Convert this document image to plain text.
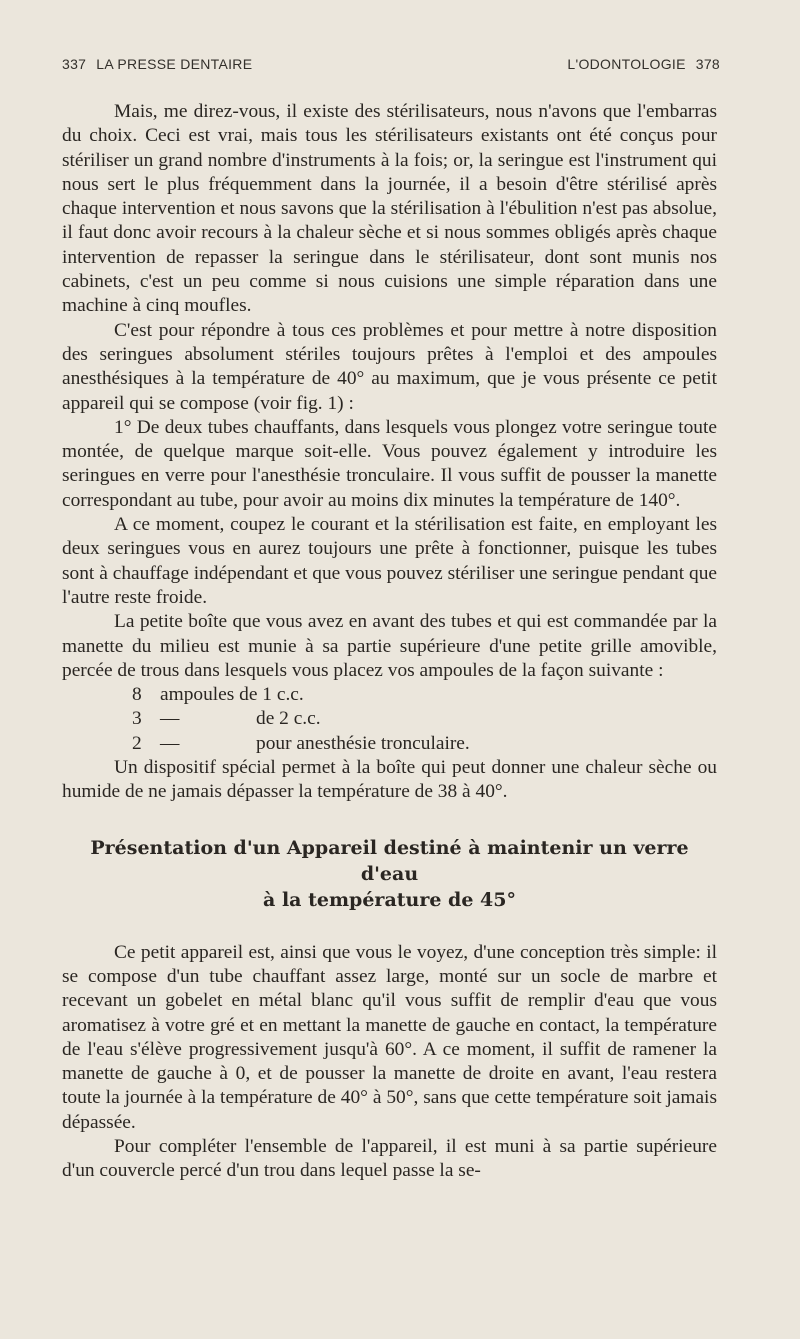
337 LA PRESSE DENTAIRE	L'ODONTOLOGIE 378

Mais, me direz-vous, il existe des stérilisateurs, nous n'avons que l'embarras du choix. Ceci est vrai, mais tous les stérilisateurs existants ont été conçus pour stériliser un grand nombre d'instruments à la fois; or, la seringue est l'instrument qui nous sert le plus fréquemment dans la journée, il a besoin d'être stérilisé après chaque intervention et nous savons que la stérilisation à l'ébulition n'est pas absolue, il faut donc avoir recours à la chaleur sèche et si nous sommes obligés après chaque intervention de repasser la seringue dans le stérilisateur, dont sont munis nos cabinets, c'est un peu comme si nous cuisions une simple réparation dans une machine à cinq moufles.

C'est pour répondre à tous ces problèmes et pour mettre à notre disposition des seringues absolument stériles toujours prêtes à l'emploi et des ampoules anesthésiques à la température de 40° au maximum, que je vous présente ce petit appareil qui se compose (voir fig. 1) :

1° De deux tubes chauffants, dans lesquels vous plongez votre seringue toute montée, de quelque marque soit-elle. Vous pouvez également y introduire les seringues en verre pour l'anesthésie tronculaire. Il vous suffit de pousser la manette correspondant au tube, pour avoir au moins dix minutes la température de 140°.

A ce moment, coupez le courant et la stérilisation est faite, en employant les deux seringues vous en aurez toujours une prête à fonctionner, puisque les tubes sont à chauffage indépendant et que vous pouvez stériliser une seringue pendant que l'autre reste froide.

La petite boîte que vous avez en avant des tubes et qui est commandée par la manette du milieu est munie à sa partie supérieure d'une petite grille amovible, percée de trous dans lesquels vous placez vos ampoules de la façon suivante :

8 ampoules de 1 c.c.
3 —	de 2 c.c.
2 —	pour anesthésie tronculaire.

Un dispositif spécial permet à la boîte qui peut donner une chaleur sèche ou humide de ne jamais dépasser la température de 38 à 40°.

Présentation d'un Appareil destiné à maintenir un verre d'eau
à la température de 45°

Ce petit appareil est, ainsi que vous le voyez, d'une conception très simple: il se compose d'un tube chauffant assez large, monté sur un socle de marbre et recevant un gobelet en métal blanc qu'il vous suffit de remplir d'eau que vous aromatisez à votre gré et en mettant la manette de gauche en contact, la température de l'eau s'élève progressivement jusqu'à 60°. A ce moment, il suffit de ramener la manette de gauche à 0, et de pousser la manette de droite en avant, l'eau restera toute la journée à la température de 40° à 50°, sans que cette température soit jamais dépassée.

Pour compléter l'ensemble de l'appareil, il est muni à sa partie supérieure d'un couvercle percé d'un trou dans lequel passe la se-
